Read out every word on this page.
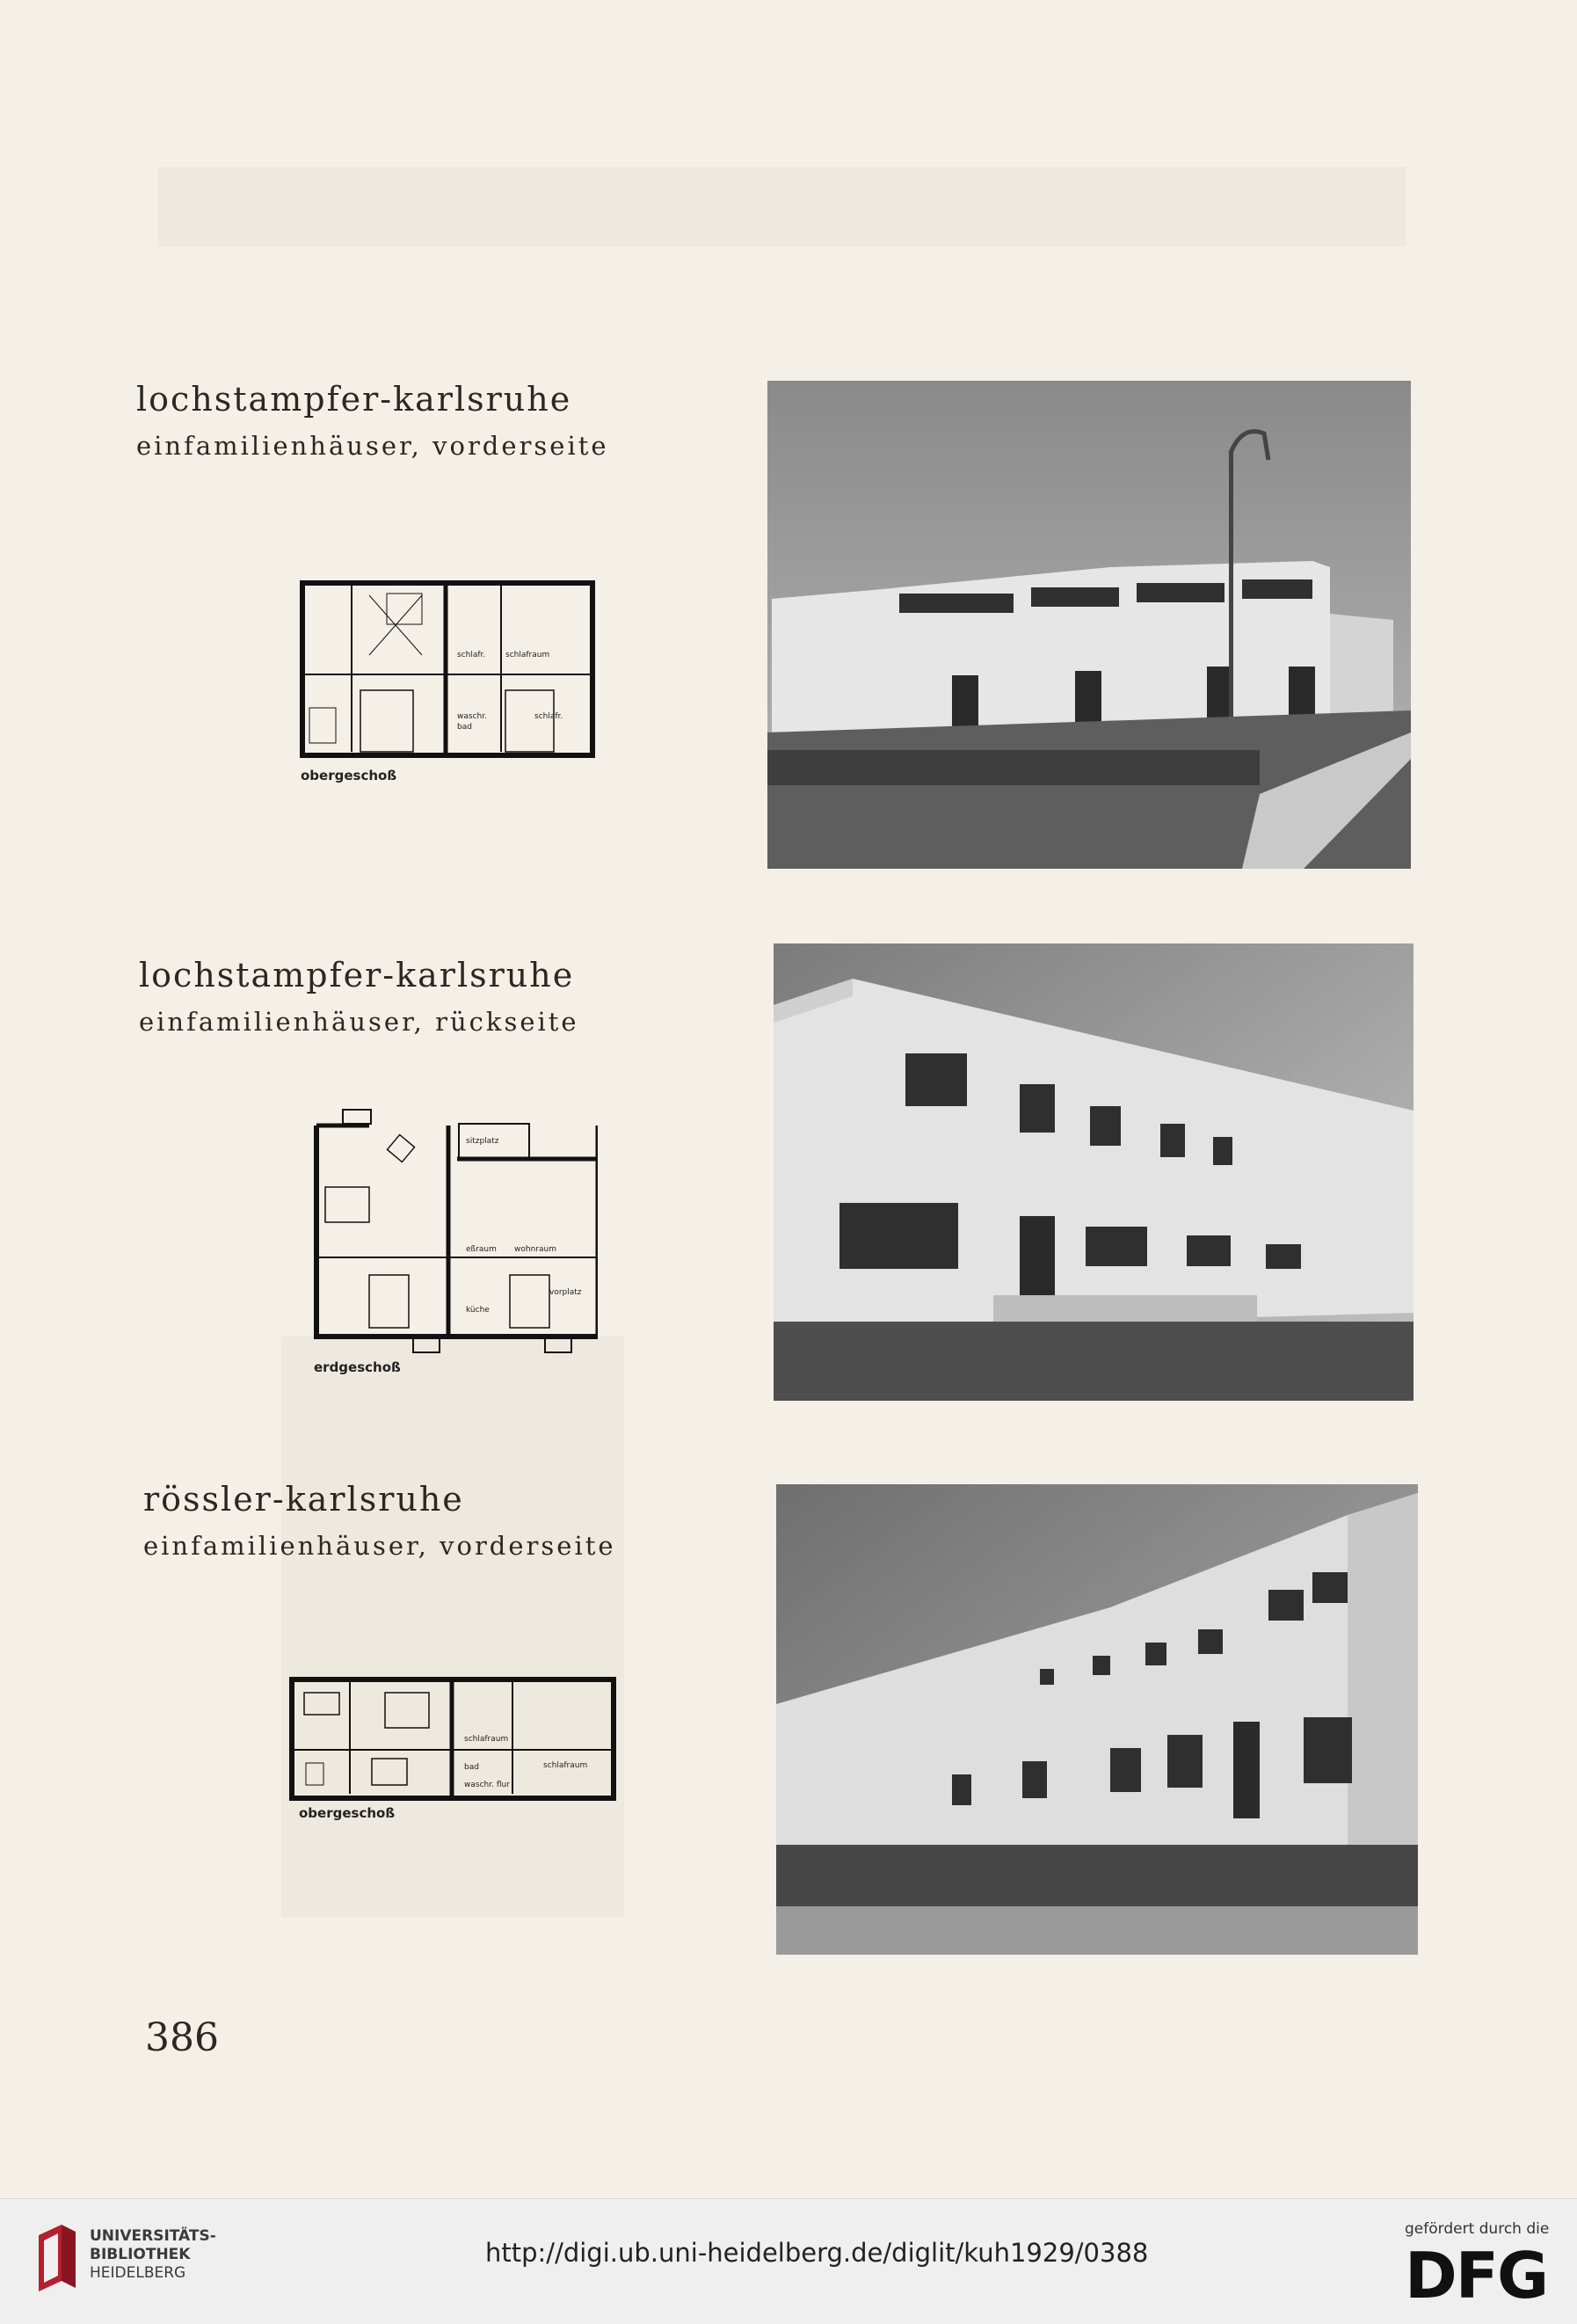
lochstampfer-karlsruhe
einfamilienhäuser, vorderseite
schlafr.	schlafraum
waschr.
bad
schlafr.
obergeschoß
lochstampfer-karlsruhe
einfamilienhäuser, rückseite
sitzplatz
eßraum wohnraum
küche
vorplatz
erdgeschoß
rössler-karlsruhe
einfamilienhäuser, vorderseite
schlafraum
bad
waschr. flur
schlafraum
obergeschoß
386
UNIVERSITÄTS-
BIBLIOTHEK
HEIDELBERG
http://digi.ub.uni-heidelberg.de/diglit/kuh1929/0388
gefördert durch die
DFG
